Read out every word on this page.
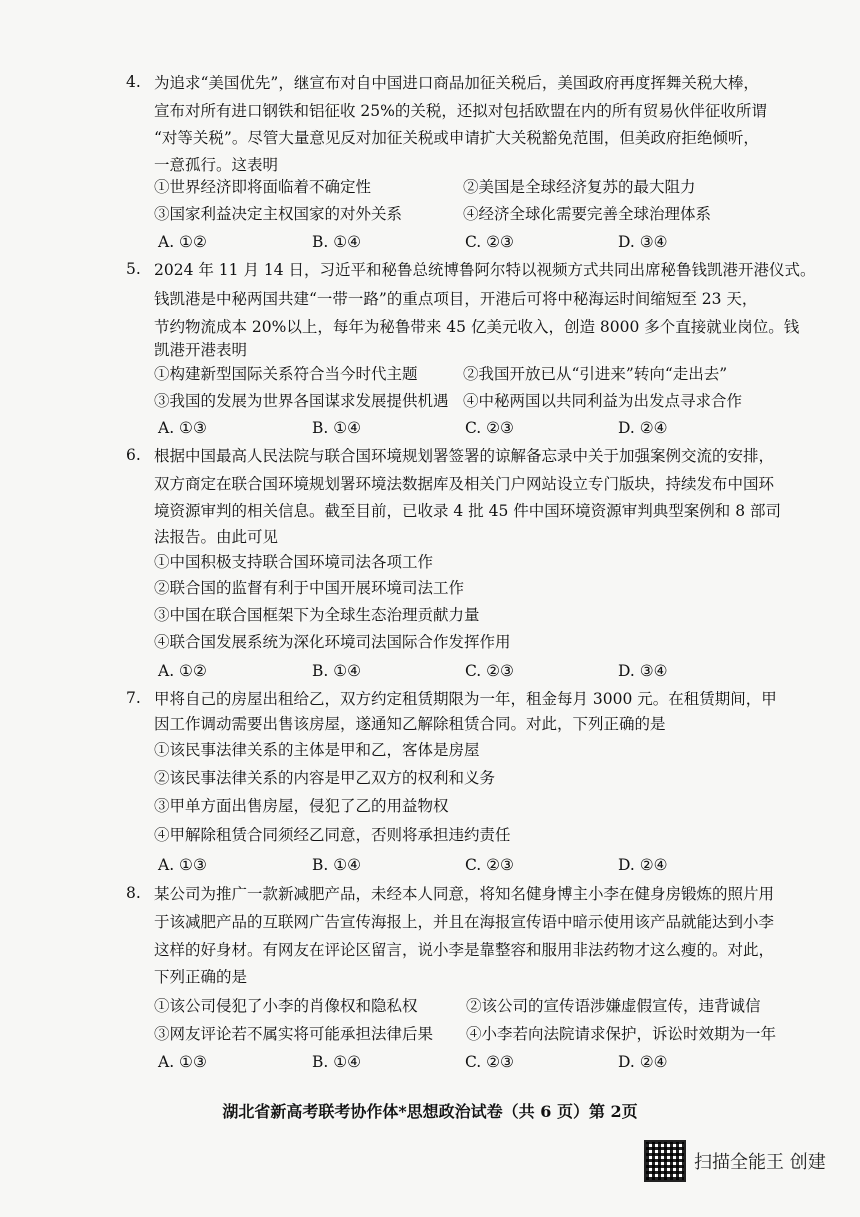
4. 为追求“美国优先”，继宣布对自中国进口商品加征关税后，美国政府再度挥舞关税大棒，
宣布对所有进口钢铁和铝征收 25%的关税，还拟对包括欧盟在内的所有贸易伙伴征收所谓
“对等关税”。尽管大量意见反对加征关税或申请扩大关税豁免范围，但美政府拒绝倾听，
一意孤行。这表明
①世界经济即将面临着不确定性	②美国是全球经济复苏的最大阻力
③国家利益决定主权国家的对外关系	④经济全球化需要完善全球治理体系
A. ①②	B. ①④	C. ②③	D. ③④
5. 2024 年 11 月 14 日，习近平和秘鲁总统博鲁阿尔特以视频方式共同出席秘鲁钱凯港开港仪式。
钱凯港是中秘两国共建“一带一路”的重点项目，开港后可将中秘海运时间缩短至 23 天，
节约物流成本 20%以上，每年为秘鲁带来 45 亿美元收入，创造 8000 多个直接就业岗位。钱
凯港开港表明
①构建新型国际关系符合当今时代主题	②我国开放已从“引进来”转向“走出去”
③我国的发展为世界各国谋求发展提供机遇 ④中秘两国以共同利益为出发点寻求合作
A. ①③	B. ①④	C. ②③	D. ②④
6. 根据中国最高人民法院与联合国环境规划署签署的谅解备忘录中关于加强案例交流的安排，
双方商定在联合国环境规划署环境法数据库及相关门户网站设立专门版块，持续发布中国环
境资源审判的相关信息。截至目前，已收录 4 批 45 件中国环境资源审判典型案例和 8 部司
法报告。由此可见
①中国积极支持联合国环境司法各项工作
②联合国的监督有利于中国开展环境司法工作
③中国在联合国框架下为全球生态治理贡献力量
④联合国发展系统为深化环境司法国际合作发挥作用
A. ①②	B. ①④	C. ②③	D. ③④
7. 甲将自己的房屋出租给乙，双方约定租赁期限为一年，租金每月 3000 元。在租赁期间，甲
因工作调动需要出售该房屋，遂通知乙解除租赁合同。对此，下列正确的是
①该民事法律关系的主体是甲和乙，客体是房屋
②该民事法律关系的内容是甲乙双方的权利和义务
③甲单方面出售房屋，侵犯了乙的用益物权
④甲解除租赁合同须经乙同意，否则将承担违约责任
A. ①③	B. ①④	C. ②③	D. ②④
8. 某公司为推广一款新减肥产品，未经本人同意，将知名健身博主小李在健身房锻炼的照片用
于该减肥产品的互联网广告宣传海报上，并且在海报宣传语中暗示使用该产品就能达到小李
这样的好身材。有网友在评论区留言，说小李是靠整容和服用非法药物才这么瘦的。对此，
下列正确的是
①该公司侵犯了小李的肖像权和隐私权	②该公司的宣传语涉嫌虚假宣传，违背诚信
③网友评论若不属实将可能承担法律后果 ④小李若向法院请求保护，诉讼时效期为一年
A. ①③	B. ①④	C. ②③	D. ②④
湖北省新高考联考协作体*思想政治试卷（共 6 页）第 2页
扫描全能王 创建
